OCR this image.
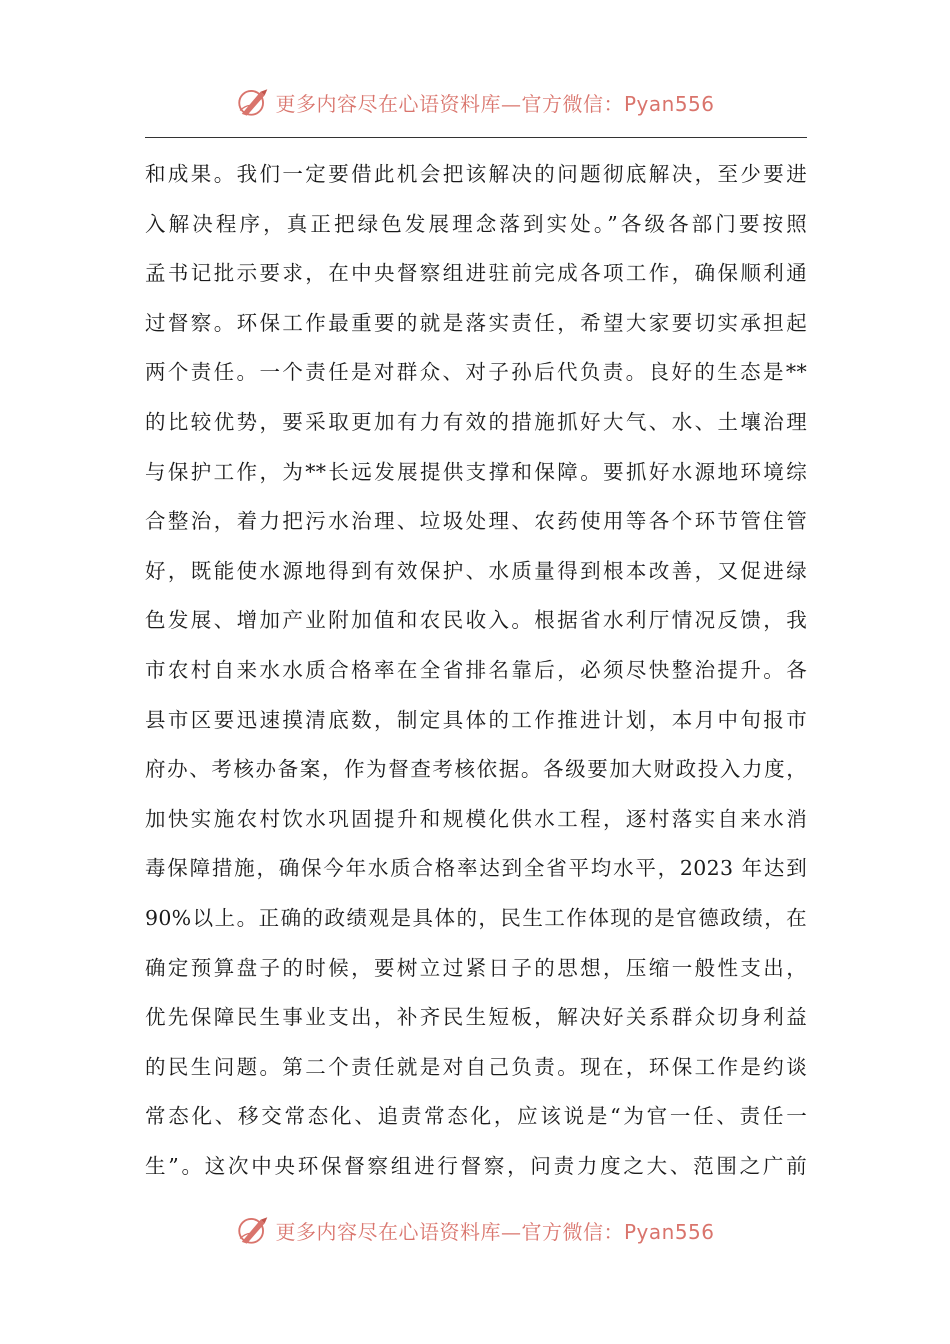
更多内容尽在心语资料库—官方微信：Pyan556
和成果。我们一定要借此机会把该解决的问题彻底解决，至少要进
入解决程序，真正把绿色发展理念落到实处。”各级各部门要按照
孟书记批示要求，在中央督察组进驻前完成各项工作，确保顺利通
过督察。环保工作最重要的就是落实责任，希望大家要切实承担起
两个责任。一个责任是对群众、对子孙后代负责。良好的生态是**
的比较优势，要采取更加有力有效的措施抓好大气、水、土壤治理
与保护工作，为**长远发展提供支撑和保障。要抓好水源地环境综
合整治，着力把污水治理、垃圾处理、农药使用等各个环节管住管
好，既能使水源地得到有效保护、水质量得到根本改善，又促进绿
色发展、增加产业附加值和农民收入。根据省水利厅情况反馈，我
市农村自来水水质合格率在全省排名靠后，必须尽快整治提升。各
县市区要迅速摸清底数，制定具体的工作推进计划，本月中旬报市
府办、考核办备案，作为督查考核依据。各级要加大财政投入力度，
加快实施农村饮水巩固提升和规模化供水工程，逐村落实自来水消
毒保障措施，确保今年水质合格率达到全省平均水平，2023 年达到
90%以上。正确的政绩观是具体的，民生工作体现的是官德政绩，在
确定预算盘子的时候，要树立过紧日子的思想，压缩一般性支出，
优先保障民生事业支出，补齐民生短板，解决好关系群众切身利益
的民生问题。第二个责任就是对自己负责。现在，环保工作是约谈
常态化、移交常态化、追责常态化，应该说是“为官一任、责任一
生”。这次中央环保督察组进行督察，问责力度之大、范围之广前
更多内容尽在心语资料库—官方微信：Pyan556
